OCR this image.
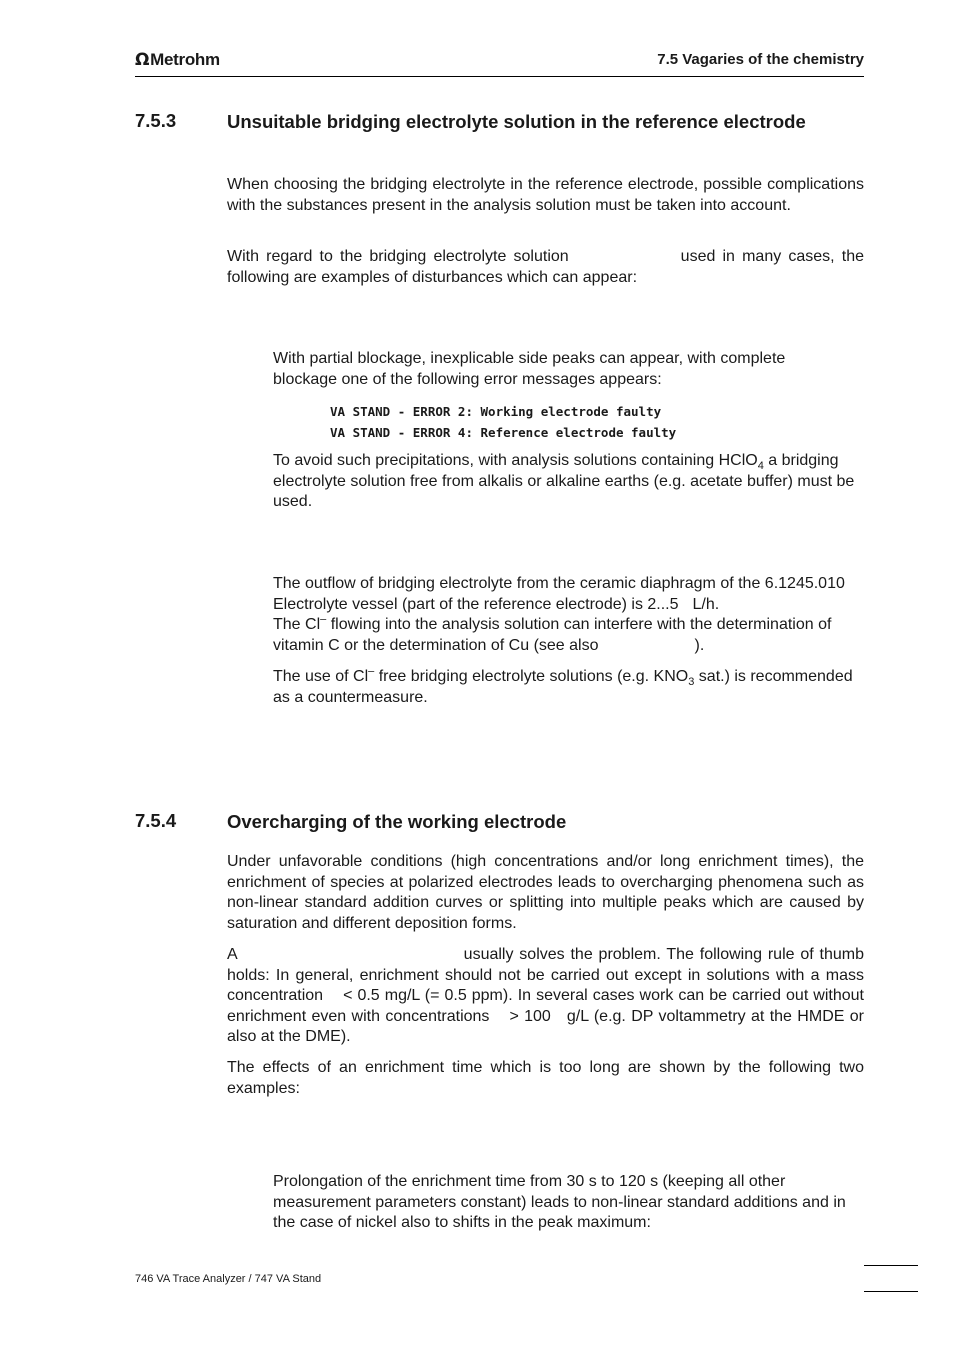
Ω Metrohm	7.5 Vagaries of the chemistry
7.5.3	Unsuitable bridging electrolyte solution in the reference electrode

When choosing the bridging electrolyte in the reference electrode, possible complications with the substances present in the analysis solution must be taken into account.

With regard to the bridging electrolyte solution	used in many cases, the following are examples of disturbances which can appear:

With partial blockage, inexplicable side peaks can appear, with complete blockage one of the following error messages appears:

VA STAND - ERROR 2: Working electrode faulty
VA STAND - ERROR 4: Reference electrode faulty

To avoid such precipitations, with analysis solutions containing HClO$_4$ a bridging electrolyte solution free from alkalis or alkaline earths (e.g. acetate buffer) must be used.

The outflow of bridging electrolyte from the ceramic diaphragm of the 6.1245.010 Electrolyte vessel (part of the reference electrode) is 2...5 L/h.
The Cl– flowing into the analysis solution can interfere with the determination of vitamin C or the determination of Cu (see also	).

The use of Cl– free bridging electrolyte solutions (e.g. $KNO_3$ sat.) is recommended as a countermeasure.

7.5.4	Overcharging of the working electrode

Under unfavorable conditions (high concentrations and/or long enrichment times), the enrichment of species at polarized electrodes leads to overcharging phenomena such as non-linear standard addition curves or splitting into multiple peaks which are caused by saturation and different deposition forms.

A	usually solves the problem. The following rule of thumb holds: In general, enrichment should not be carried out except in solutions with a mass concentration < 0.5 mg/L (= 0.5 ppm). In several cases work can be carried out without enrichment even with concentrations > 100 g/L (e.g. DP voltammetry at the HMDE or also at the DME).

The effects of an enrichment time which is too long are shown by the following two examples:

Prolongation of the enrichment time from 30 s to 120 s (keeping all other measurement parameters constant) leads to non-linear standard additions and in the case of nickel also to shifts in the peak maximum:

746 VA Trace Analyzer / 747 VA Stand
